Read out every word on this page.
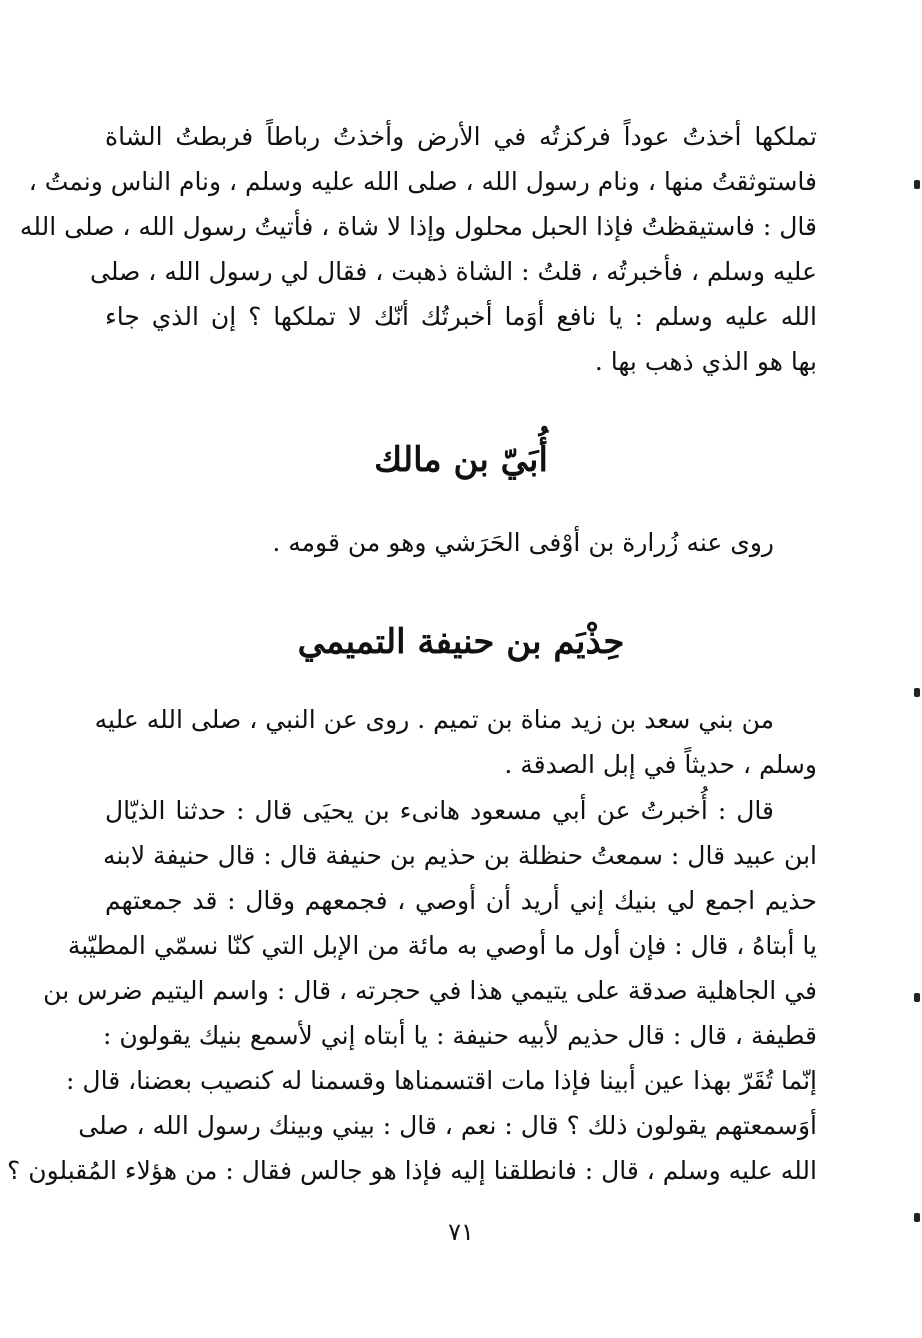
تملكها أخذتُ عوداً فركزتُه في الأرض وأخذتُ رباطاً فربطتُ الشاة
فاستوثقتُ منها ، ونام رسول الله ، صلى الله عليه وسلم ، ونام الناس ونمتُ ،
قال : فاستيقظتُ فإذا الحبل محلول وإذا لا شاة ، فأتيتُ رسول الله ، صلى الله
عليه وسلم ، فأخبرتُه ، قلتُ : الشاة ذهبت ، فقال لي رسول الله ، صلى
الله عليه وسلم : يا نافع أوَما أخبرتُك أنّك لا تملكها ؟ إن الذي جاء
بها هو الذي ذهب بها .
أُبَيّ بن مالك
روى عنه زُرارة بن أوْفى الحَرَشي وهو من قومه .
حِذْيَم بن حنيفة التميمي
من بني سعد بن زيد مناة بن تميم . روى عن النبي ، صلى الله عليه
وسلم ، حديثاً في إبل الصدقة .
قال : أُخبرتُ عن أبي مسعود هانىء بن يحيَى قال : حدثنا الذيّال
ابن عبيد قال : سمعتُ حنظلة بن حذيم بن حنيفة قال : قال حنيفة لابنه
حذيم اجمع لي بنيك إني أريد أن أوصي ، فجمعهم وقال : قد جمعتهم
يا أبتاهُ ، قال : فإن أول ما أوصي به مائة من الإبل التي كنّا نسمّي المطيّبة
في الجاهلية صدقة على يتيمي هذا في حجرته ، قال : واسم اليتيم ضرس بن
قطيفة ، قال : قال حذيم لأبيه حنيفة : يا أبتاه إني لأسمع بنيك يقولون :
إنّما تُقَرّ بهذا عين أبينا فإذا مات اقتسمناها وقسمنا له كنصيب بعضنا، قال :
أوَسمعتهم يقولون ذلك ؟ قال : نعم ، قال : بيني وبينك رسول الله ، صلى
الله عليه وسلم ، قال : فانطلقنا إليه فإذا هو جالس فقال : من هؤلاء المُقبلون ؟
٧١
